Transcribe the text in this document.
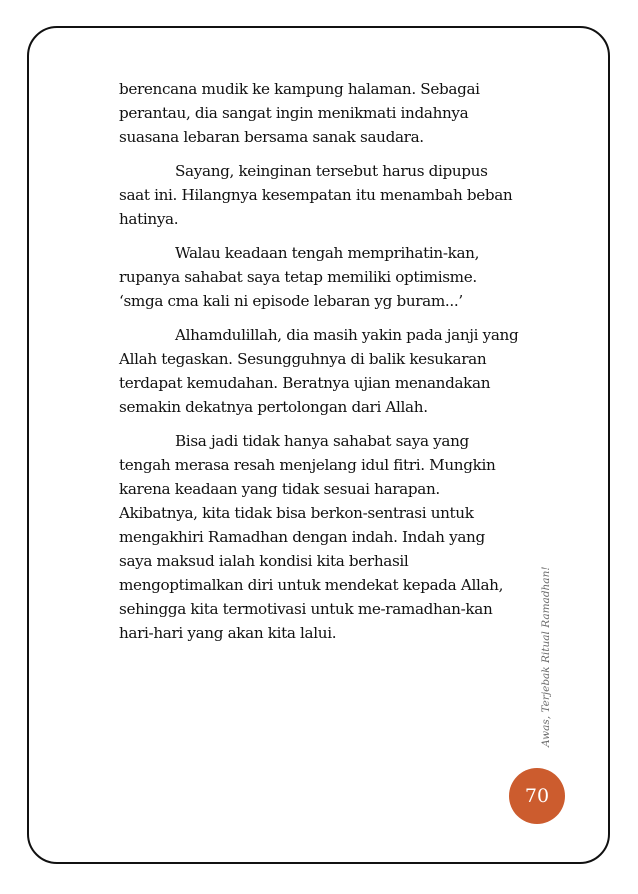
berencana mudik ke kampung halaman. Sebagai perantau, dia sangat ingin menikmati indahnya suasana lebaran bersama sanak saudara.

Sayang, keinginan tersebut harus dipupus saat ini. Hilangnya kesempatan itu menambah beban hatinya.

Walau keadaan tengah memprihatin-kan, rupanya sahabat saya tetap memiliki optimisme. ‘smga cma kali ni episode lebaran yg buram...’

Alhamdulillah, dia masih yakin pada janji yang Allah tegaskan. Sesungguhnya di balik kesukaran terdapat kemudahan. Beratnya ujian menandakan semakin dekatnya pertolongan dari Allah.

Bisa jadi tidak hanya sahabat saya yang tengah merasa resah menjelang idul fitri. Mungkin karena keadaan yang tidak sesuai harapan. Akibatnya, kita tidak bisa berkon-sentrasi untuk mengakhiri Ramadhan dengan indah. Indah yang saya maksud ialah kondisi kita berhasil mengoptimalkan diri untuk mendekat kepada Allah, sehingga kita termotivasi untuk me-ramadhan-kan hari-hari yang akan kita lalui.	Awas, Terjebak Ritual Ramadhan!
70
